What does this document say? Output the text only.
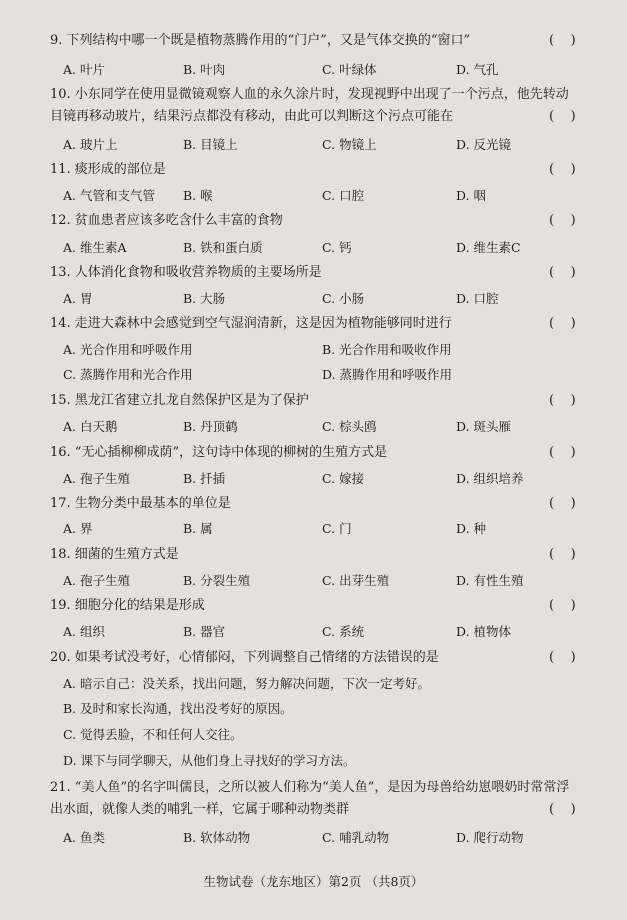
9. 下列结构中哪一个既是植物蒸腾作用的“门户”，又是气体交换的“窗口”	(    )
A. 叶片	B. 叶肉	C. 叶绿体	D. 气孔
10. 小东同学在使用显微镜观察人血的永久涂片时，发现视野中出现了一个污点，他先转动目镜再移动玻片，结果污点都没有移动，由此可以判断这个污点可能在	(    )
A. 玻片上	B. 目镜上	C. 物镜上	D. 反光镜
11. 痰形成的部位是	(    )
A. 气管和支气管 B. 喉	C. 口腔	D. 咽
12. 贫血患者应该多吃含什么丰富的食物	(    )
A. 维生素A	B. 铁和蛋白质	C. 钙	D. 维生素C
13. 人体消化食物和吸收营养物质的主要场所是	(    )
A. 胃	B. 大肠	C. 小肠	D. 口腔
14. 走进大森林中会感觉到空气湿润清新，这是因为植物能够同时进行	(    )
A. 光合作用和呼吸作用	B. 光合作用和吸收作用
C. 蒸腾作用和光合作用	D. 蒸腾作用和呼吸作用
15. 黑龙江省建立扎龙自然保护区是为了保护	(    )
A. 白天鹅	B. 丹顶鹤	C. 棕头鸥	D. 斑头雁
16. “无心插柳柳成荫”，这句诗中体现的柳树的生殖方式是	(    )
A. 孢子生殖	B. 扦插	C. 嫁接	D. 组织培养
17. 生物分类中最基本的单位是	(    )
A. 界	B. 属	C. 门	D. 种
18. 细菌的生殖方式是	(    )
A. 孢子生殖	B. 分裂生殖	C. 出芽生殖	D. 有性生殖
19. 细胞分化的结果是形成	(    )
A. 组织	B. 器官	C. 系统	D. 植物体
20. 如果考试没考好，心情郁闷，下列调整自己情绪的方法错误的是	(    )
A. 暗示自己：没关系，找出问题，努力解决问题，下次一定考好。
B. 及时和家长沟通，找出没考好的原因。
C. 觉得丢脸，不和任何人交往。
D. 课下与同学聊天，从他们身上寻找好的学习方法。
21. “美人鱼”的名字叫儒艮，之所以被人们称为“美人鱼”，是因为母兽给幼崽喂奶时常常浮出水面，就像人类的哺乳一样，它属于哪种动物类群	(    )
A. 鱼类	B. 软体动物	C. 哺乳动物	D. 爬行动物
生物试卷（龙东地区）第2页 （共8页）
